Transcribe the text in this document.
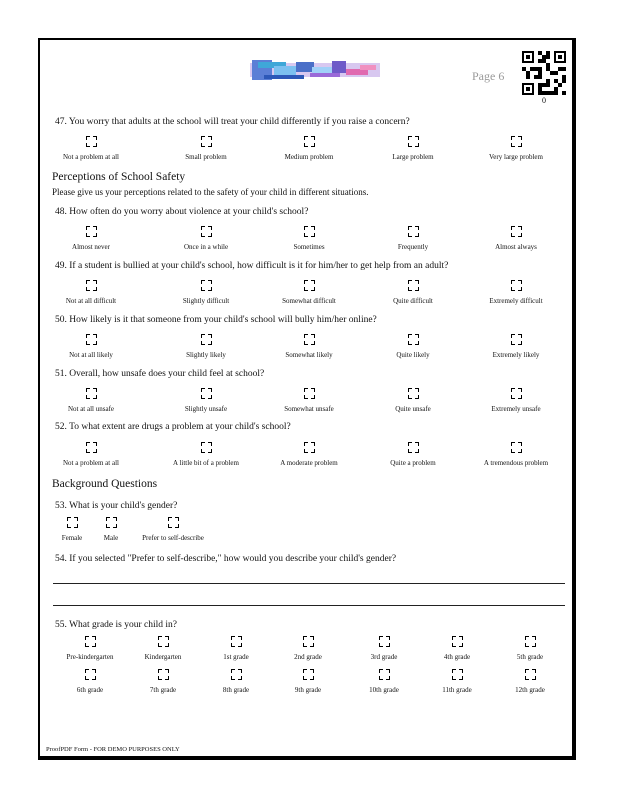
Page 6
0
47. You worry that adults at the school will treat your child differently if you raise a concern?
Not a problem at all	Small problem	Medium problem	Large problem	Very large problem
Perceptions of School Safety
Please give us your perceptions related to the safety of your child in different situations.
48. How often do you worry about violence at your child's school?
Almost never	Once in a while	Sometimes	Frequently	Almost always
49. If a student is bullied at your child's school, how difficult is it for him/her to get help from an adult?
Not at all difficult	Slightly difficult	Somewhat difficult	Quite difficult	Extremely difficult
50. How likely is it that someone from your child's school will bully him/her online?
Not at all likely	Slightly likely	Somewhat likely	Quite likely	Extremely likely
51. Overall, how unsafe does your child feel at school?
Not at all unsafe	Slightly unsafe	Somewhat unsafe	Quite unsafe	Extremely unsafe
52. To what extent are drugs a problem at your child's school?
Not a problem at all	A little bit of a problem	A moderate problem	Quite a problem	A tremendous problem
Background Questions
53. What is your child's gender?
Female	Male	Prefer to self-describe
54. If you selected "Prefer to self-describe," how would you describe your child's gender?
55. What grade is your child in?
Pre-kindergarten	Kindergarten	1st grade	2nd grade	3rd grade	4th grade	5th grade
6th grade	7th grade	8th grade	9th grade	10th grade	11th grade	12th grade
ProofPDF Form - FOR DEMO PURPOSES ONLY
